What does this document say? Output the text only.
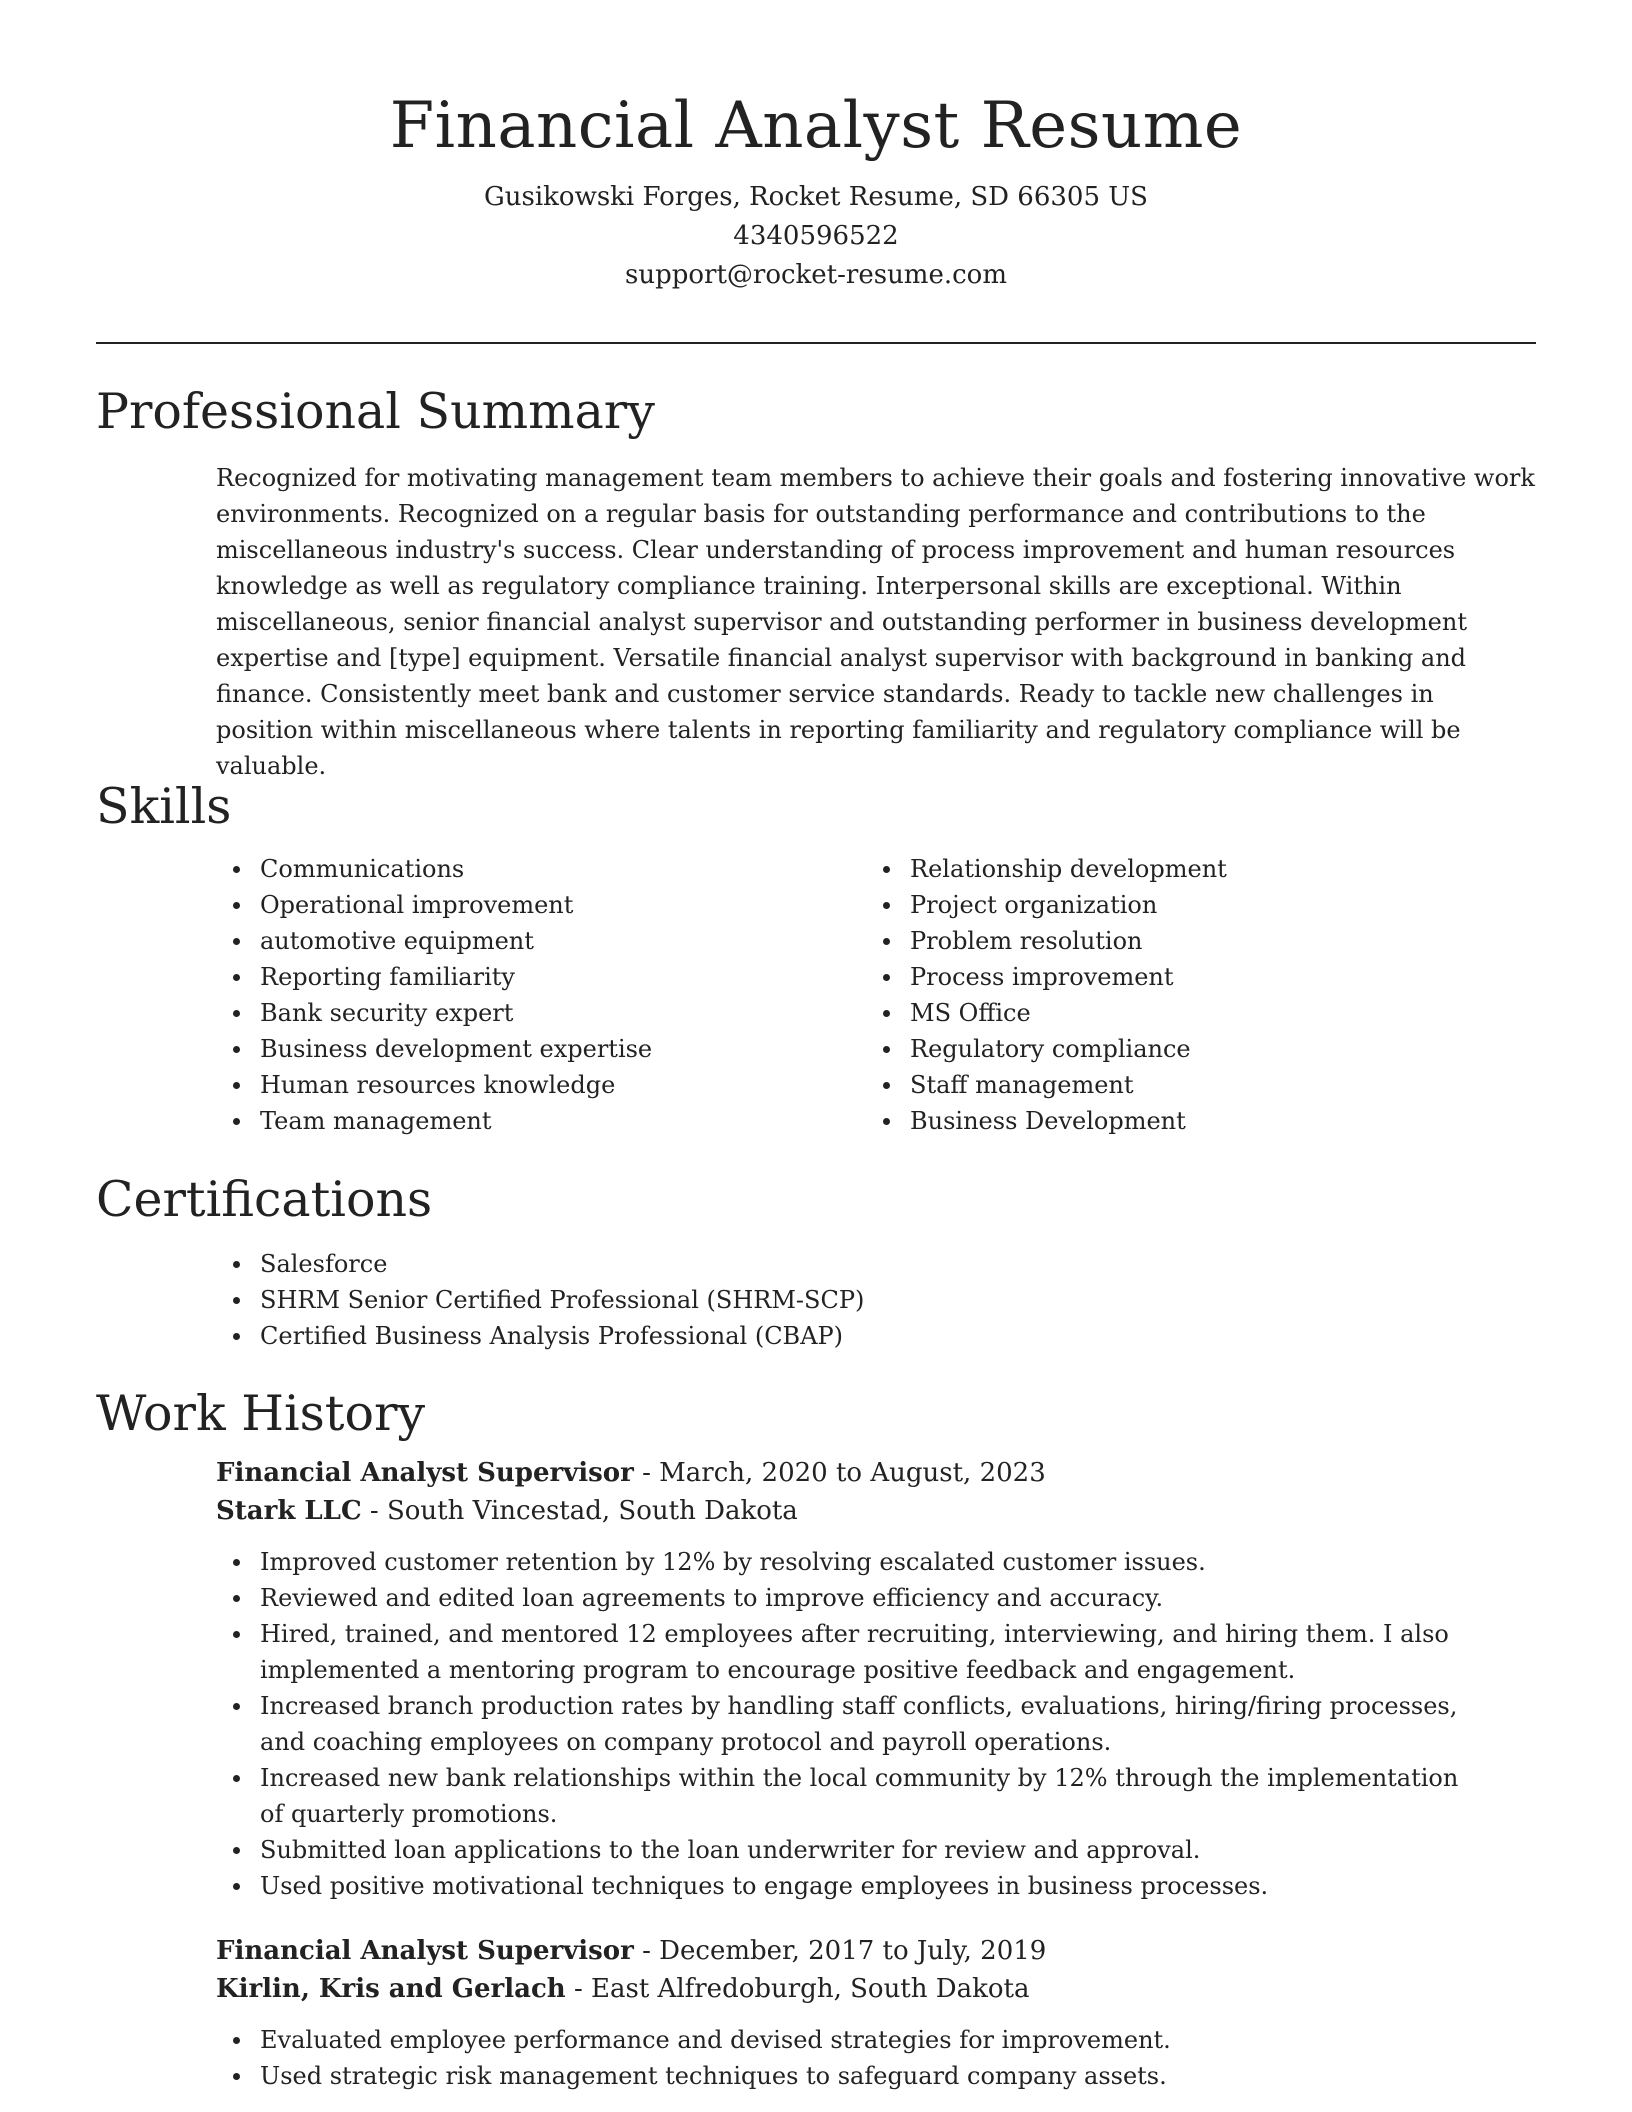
Financial Analyst Resume
Gusikowski Forges, Rocket Resume, SD 66305 US
4340596522
support@rocket-resume.com
Professional Summary

Recognized for motivating management team members to achieve their goals and fostering innovative work environments. Recognized on a regular basis for outstanding performance and contributions to the miscellaneous industry's success. Clear understanding of process improvement and human resources knowledge as well as regulatory compliance training. Interpersonal skills are exceptional. Within miscellaneous, senior financial analyst supervisor and outstanding performer in business development expertise and [type] equipment. Versatile financial analyst supervisor with background in banking and finance. Consistently meet bank and customer service standards. Ready to tackle new challenges in position within miscellaneous where talents in reporting familiarity and regulatory compliance will be valuable.

Skills
Communications
Operational improvement
automotive equipment
Reporting familiarity
Bank security expert
Business development expertise
Human resources knowledge
Team management
Relationship development
Project organization
Problem resolution
Process improvement
MS Office
Regulatory compliance
Staff management
Business Development
Certifications
Salesforce
SHRM Senior Certified Professional (SHRM-SCP)
Certified Business Analysis Professional (CBAP)
Work History
Financial Analyst Supervisor - March, 2020 to August, 2023
Stark LLC - South Vincestad, South Dakota
Improved customer retention by 12% by resolving escalated customer issues.
Reviewed and edited loan agreements to improve efficiency and accuracy.
Hired, trained, and mentored 12 employees after recruiting, interviewing, and hiring them. I also implemented a mentoring program to encourage positive feedback and engagement.
Increased branch production rates by handling staff conflicts, evaluations, hiring/firing processes, and coaching employees on company protocol and payroll operations.
Increased new bank relationships within the local community by 12% through the implementation of quarterly promotions.
Submitted loan applications to the loan underwriter for review and approval.
Used positive motivational techniques to engage employees in business processes.
Financial Analyst Supervisor - December, 2017 to July, 2019
Kirlin, Kris and Gerlach - East Alfredoburgh, South Dakota
Evaluated employee performance and devised strategies for improvement.
Used strategic risk management techniques to safeguard company assets.
